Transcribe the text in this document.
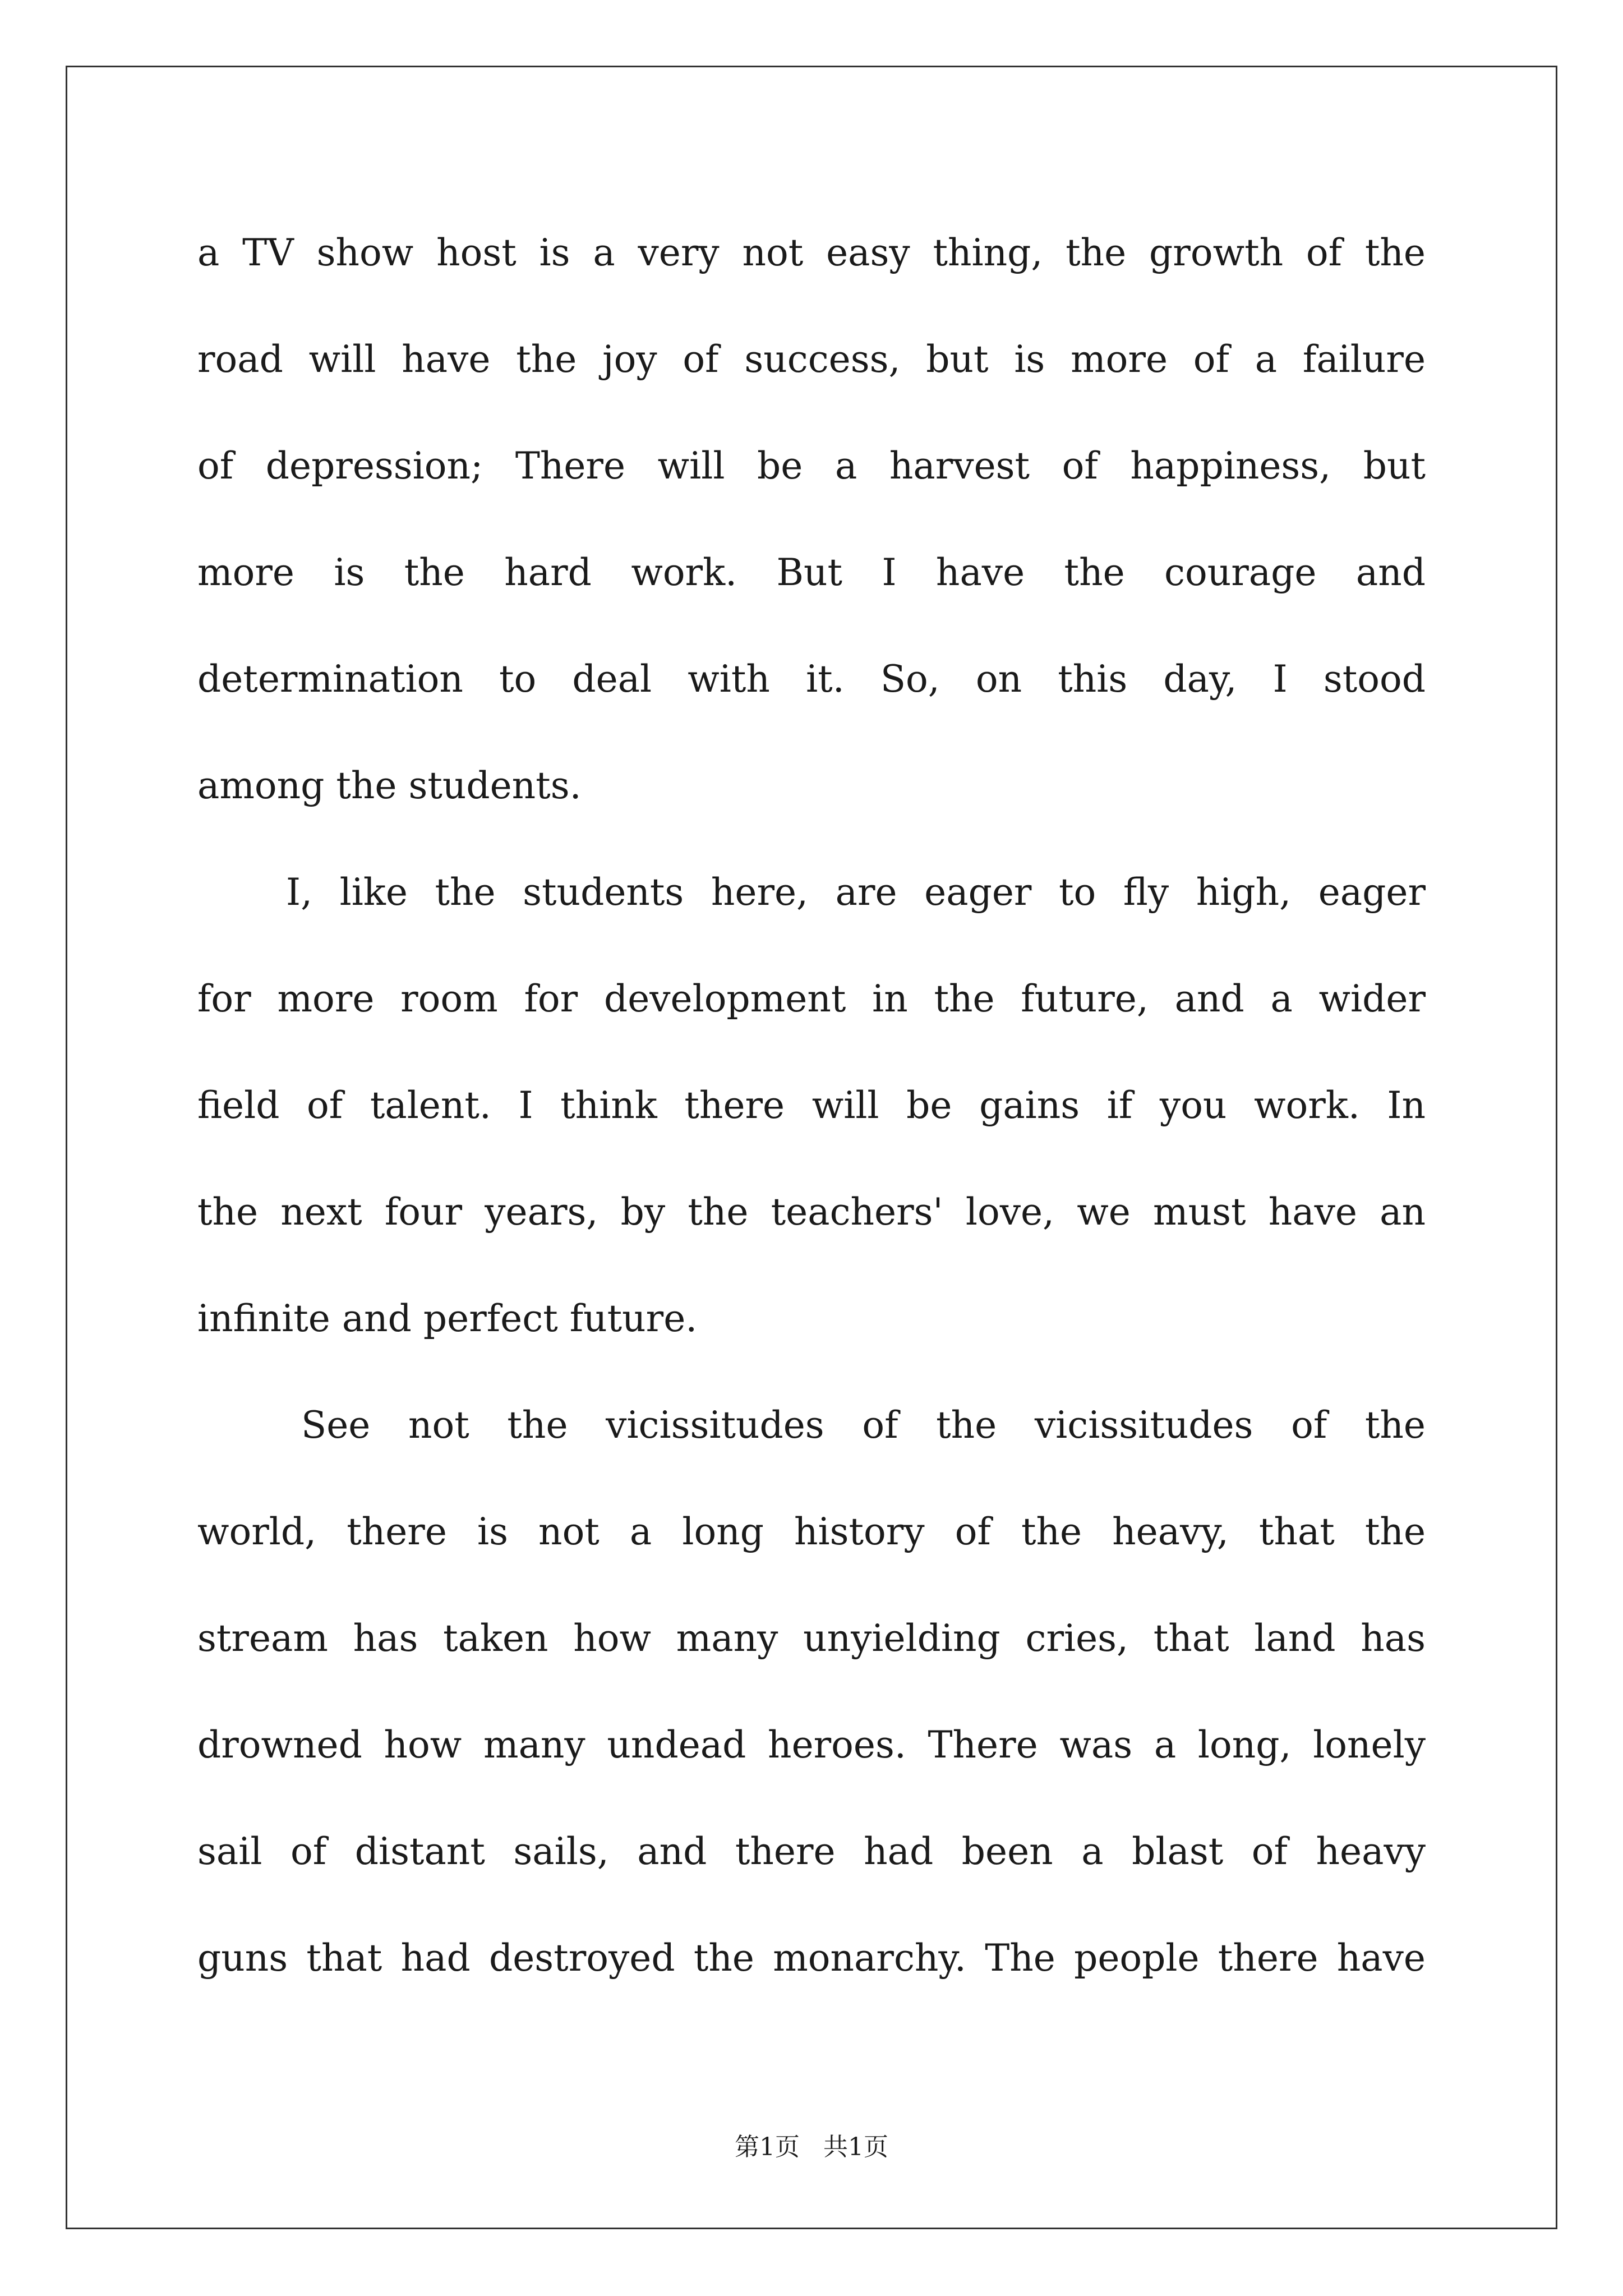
a TV show host is a very not easy thing, the growth of the
road will have the joy of success, but is more of a failure
of depression; There will be a harvest of happiness, but
more is the hard work. But I have the courage and
determination to deal with it. So, on this day, I stood
among the students.
I, like the students here, are eager to fly high, eager
for more room for development in the future, and a wider
field of talent. I think there will be gains if you work. In
the next four years, by the teachers' love, we must have an
infinite and perfect future.
See not the vicissitudes of the vicissitudes of the
world, there is not a long history of the heavy, that the
stream has taken how many unyielding cries, that land has
drowned how many undead heroes. There was a long, lonely
sail of distant sails, and there had been a blast of heavy
guns that had destroyed the monarchy. The people there have
第1页   共1页
